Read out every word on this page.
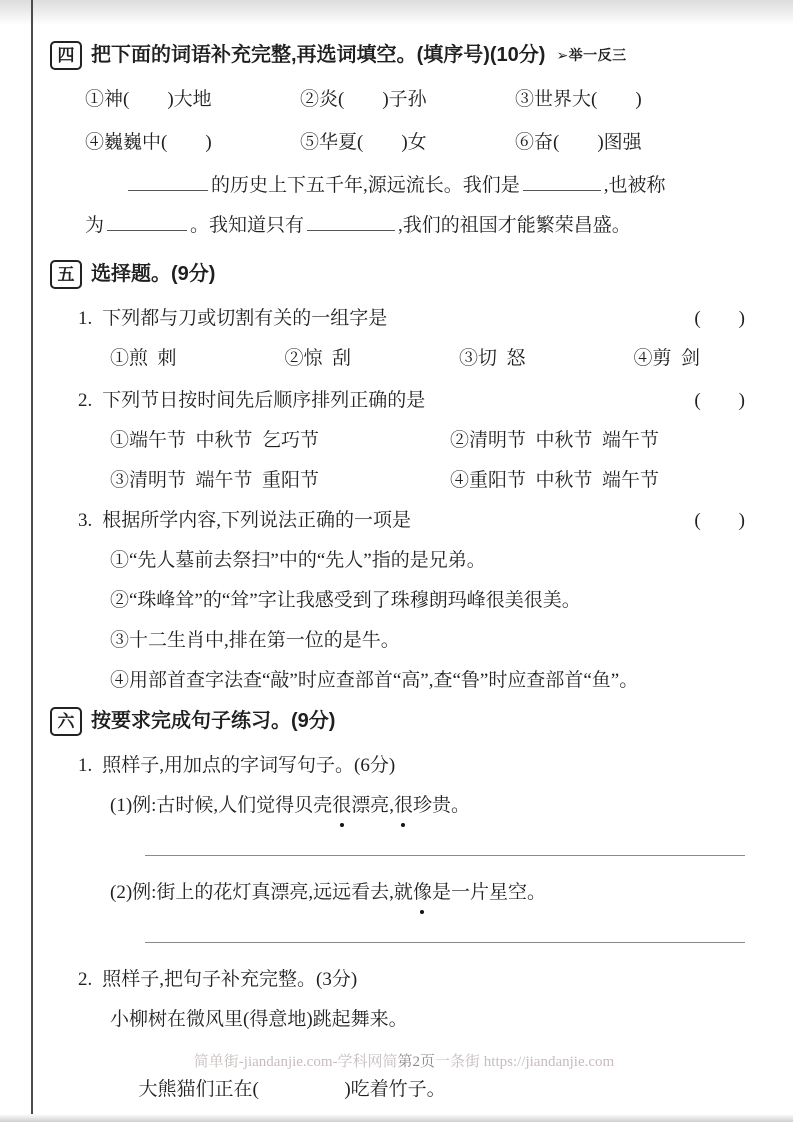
四 把下面的词语补充完整,再选词填空。(填序号)(10分) ➢举一反三
①神(        )大地	②炎(        )子孙	③世界大(        )
④巍巍中(        )	⑤华夏(        )女	⑥奋(        )图强
的历史上下五千年,源远流长。我们是	,也被称
为	。我知道只有	,我们的祖国才能繁荣昌盛。
五 选择题。(9分)
1. 下列都与刀或切割有关的一组字是	(        )
①煎  刺	②惊  刮	③切  怒	④剪  剑
2. 下列节日按时间先后顺序排列正确的是	(        )
①端午节  中秋节  乞巧节	②清明节  中秋节  端午节
③清明节  端午节  重阳节	④重阳节  中秋节  端午节
3. 根据所学内容,下列说法正确的一项是	(        )
①“先人墓前去祭扫”中的“先人”指的是兄弟。
②“珠峰耸”的“耸”字让我感受到了珠穆朗玛峰很美很美。
③十二生肖中,排在第一位的是牛。
④用部首查字法查“敲”时应查部首“高”,查“鲁”时应查部首“鱼”。
六 按要求完成句子练习。(9分)
1. 照样子,用加点的字词写句子。(6分)
(1)例:古时候,人们觉得贝壳很漂亮,很珍贵。
(2)例:街上的花灯真漂亮,远远看去,就像是一片星空。
2. 照样子,把句子补充完整。(3分)
小柳树在微风里(得意地)跳起舞来。

大熊猫们正在(                  )吃着竹子。

简单街-jiandanjie.com-学科网简第2页一条街 https://jiandanjie.com
